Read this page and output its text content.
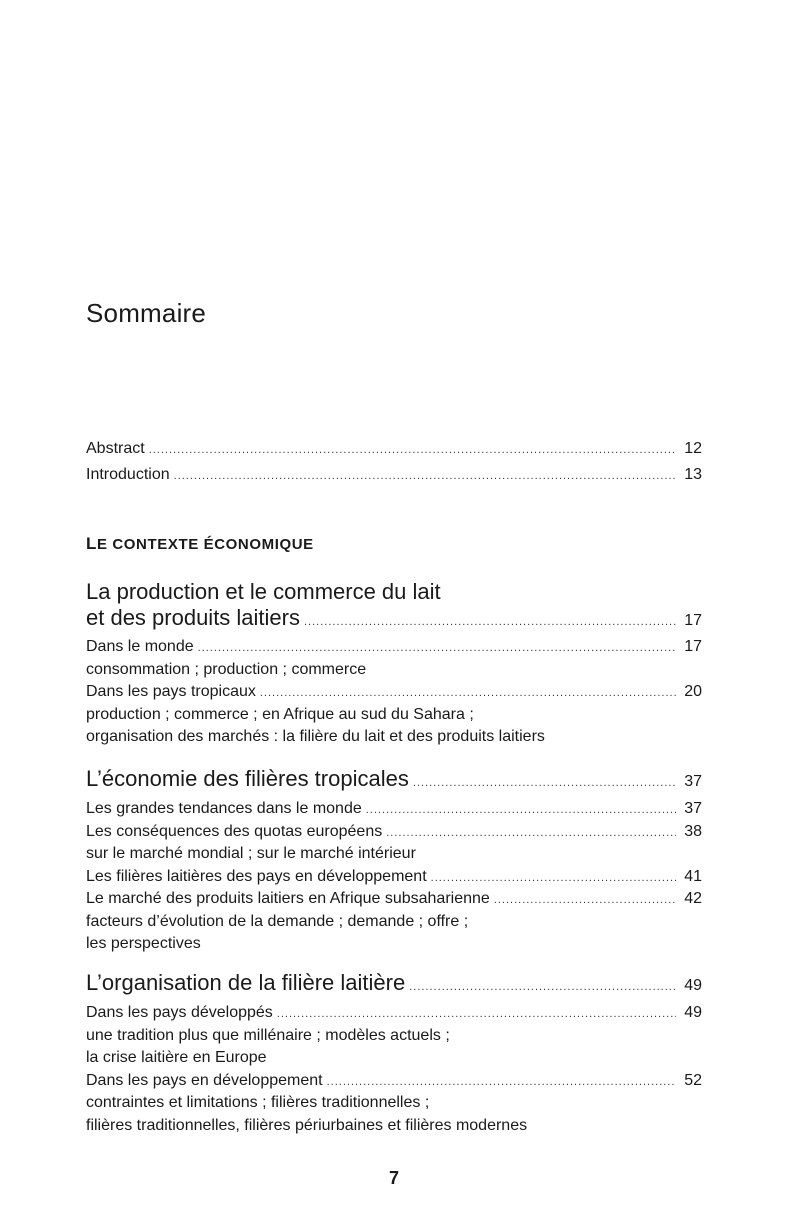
Sommaire
Abstract .....	12
Introduction .....	13
LE CONTEXTE ÉCONOMIQUE
La production et le commerce du lait
et des produits laitiers .....	17
Dans le monde .....	17
consommation ; production ; commerce
Dans les pays tropicaux .....	20
production ; commerce ; en Afrique au sud du Sahara ;
organisation des marchés : la filière du lait et des produits laitiers
L’économie des filières tropicales .....	37
Les grandes tendances dans le monde .....	37
Les conséquences des quotas européens .....	38
sur le marché mondial ; sur le marché intérieur
Les filières laitières des pays en développement .....	41
Le marché des produits laitiers en Afrique subsaharienne .....	42
facteurs d’évolution de la demande ; demande ; offre ;
les perspectives
L’organisation de la filière laitière .....	49
Dans les pays développés .....	49
une tradition plus que millénaire ; modèles actuels ;
la crise laitière en Europe
Dans les pays en développement .....	52
contraintes et limitations ; filières traditionnelles ;
filières traditionnelles, filières périurbaines et filières modernes
7
